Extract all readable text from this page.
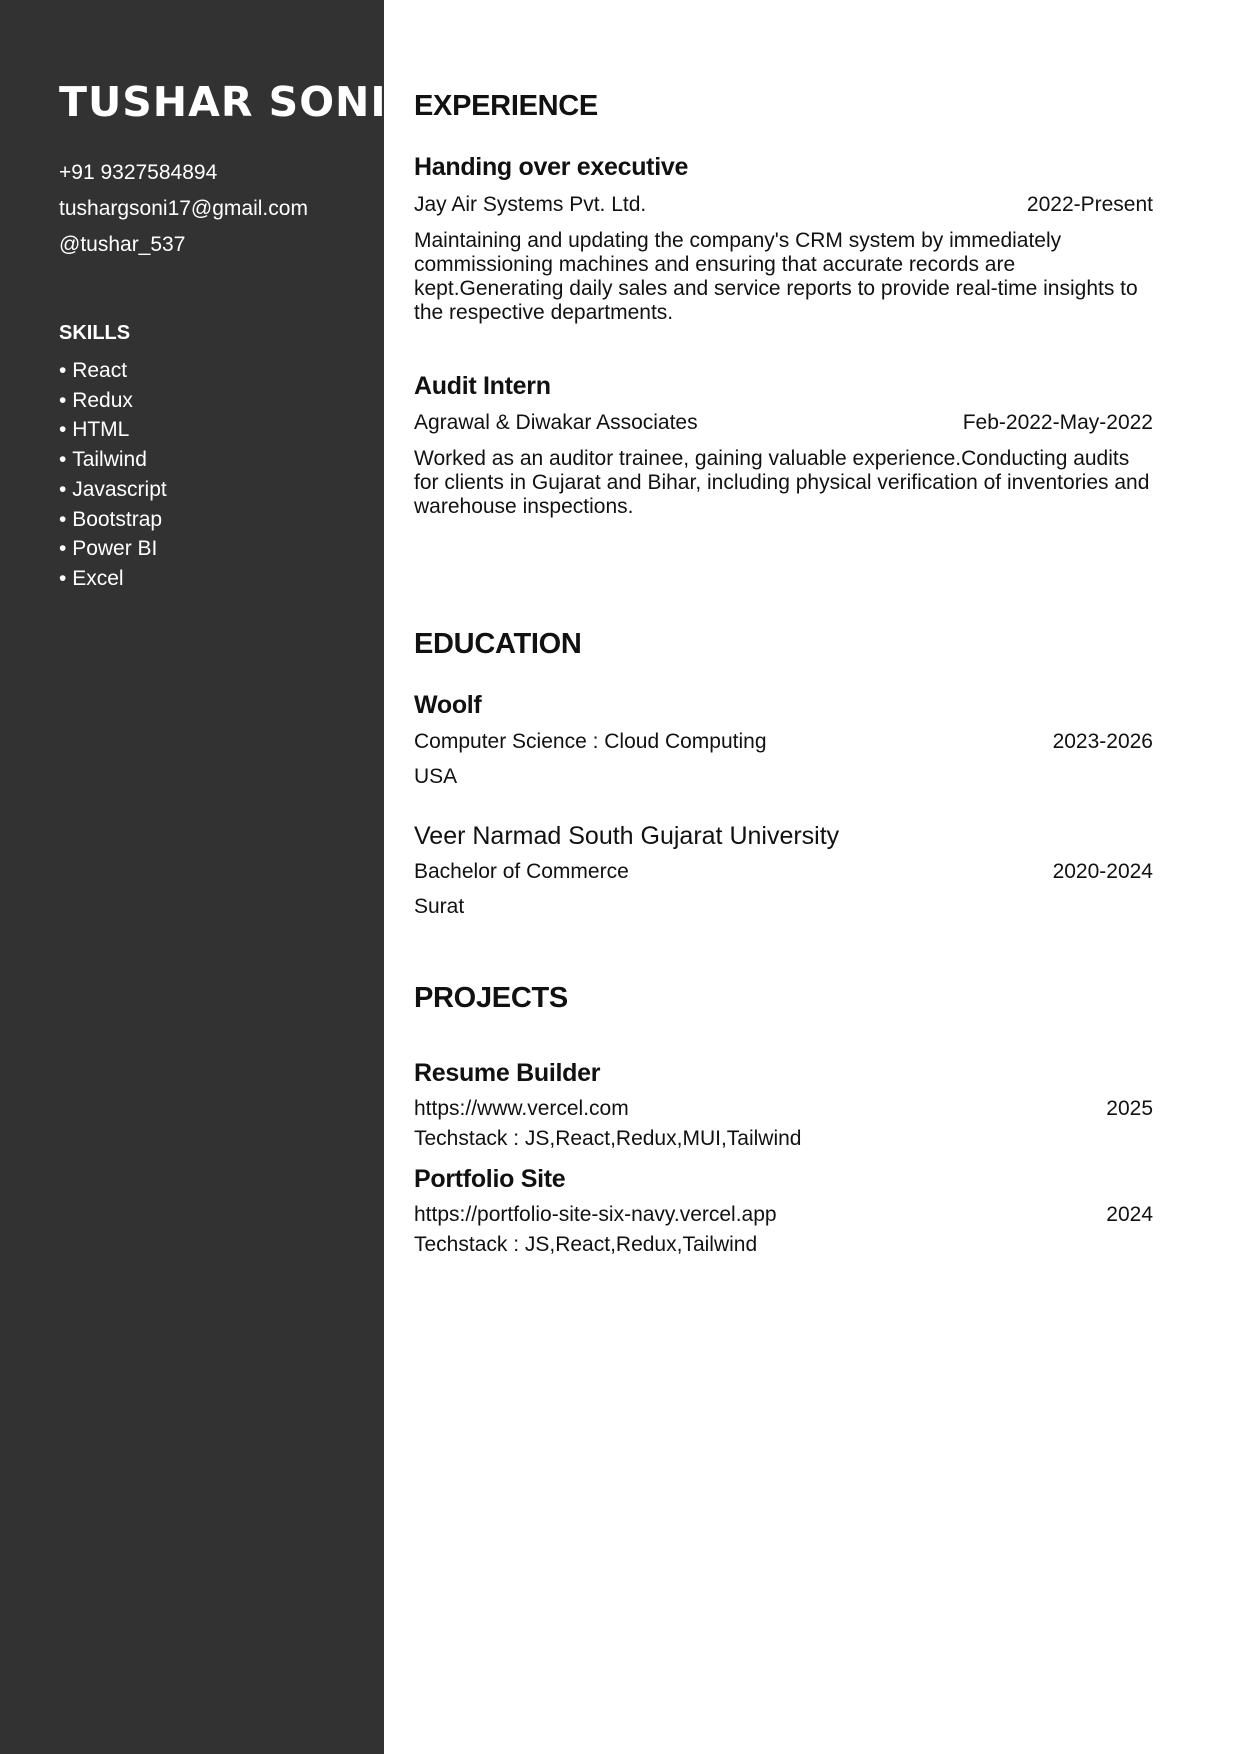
TUSHAR SONI
+91 9327584894
tushargsoni17@gmail.com
@tushar_537
SKILLS
• React
• Redux
• HTML
• Tailwind
• Javascript
• Bootstrap
• Power BI
• Excel
EXPERIENCE
Handing over executive
Jay Air Systems Pvt. Ltd.	2022-Present
Maintaining and updating the company's CRM system by immediately commissioning machines and ensuring that accurate records are kept.Generating daily sales and service reports to provide real-time insights to the respective departments.
Audit Intern
Agrawal & Diwakar Associates	Feb-2022-May-2022
Worked as an auditor trainee, gaining valuable experience.Conducting audits for clients in Gujarat and Bihar, including physical verification of inventories and warehouse inspections.
EDUCATION
Woolf
Computer Science : Cloud Computing	2023-2026
USA
Veer Narmad South Gujarat University
Bachelor of Commerce	2020-2024
Surat
PROJECTS
Resume Builder
https://www.vercel.com	2025
Techstack : JS,React,Redux,MUI,Tailwind
Portfolio Site
https://portfolio-site-six-navy.vercel.app	2024
Techstack : JS,React,Redux,Tailwind
